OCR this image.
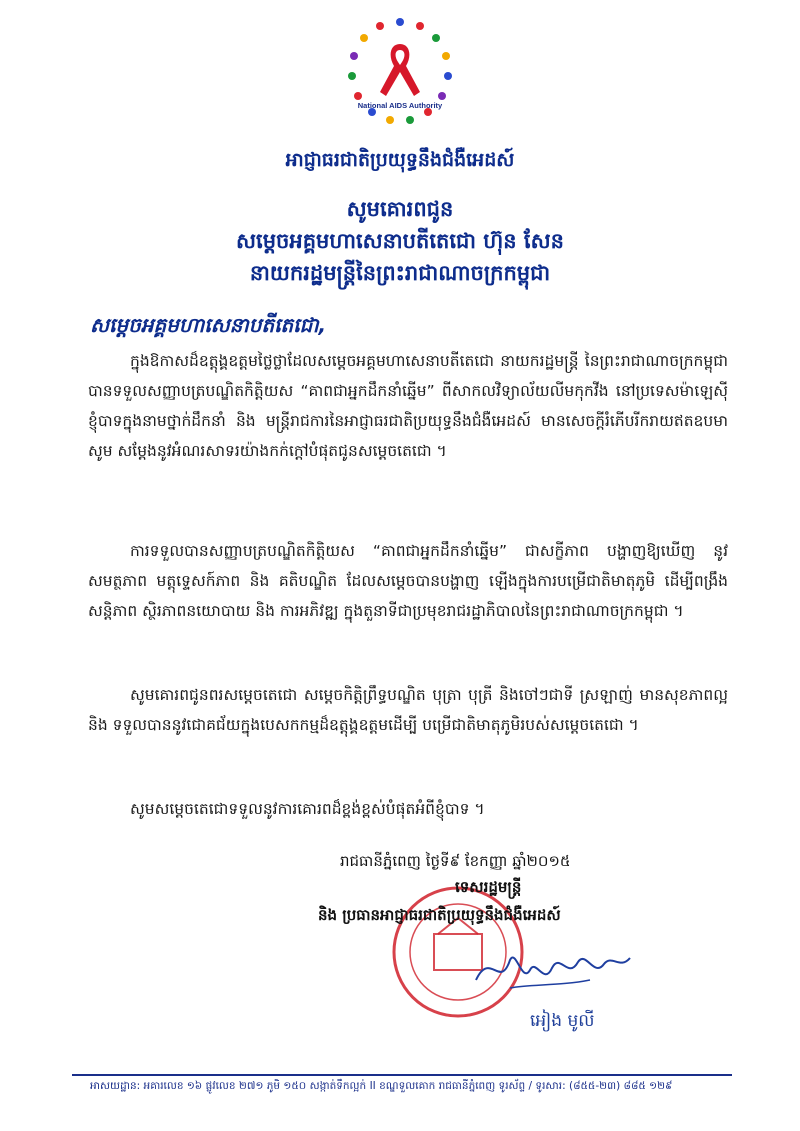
National AIDS Authority
អាជ្ញាធរជាតិប្រយុទ្ធនឹងជំងឺអេដស៍
សូមគោរពជូន
សម្តេចអគ្គមហាសេនាបតីតេជោ ហ៊ុន សែន
នាយករដ្ឋមន្ត្រីនៃព្រះរាជាណាចក្រកម្ពុជា
សម្តេចអគ្គមហាសេនាបតីតេជោ,
ក្នុងឱកាសដ៏ឧត្តុង្គឧត្តមថ្លៃថ្លាដែលសម្តេចអគ្គមហាសេនាបតីតេជោ នាយករដ្ឋមន្ត្រី នៃព្រះរាជាណាចក្រកម្ពុជា បានទទួលសញ្ញាបត្របណ្ឌិតកិត្តិយស “គាពជាអ្នកដឹកនាំឆ្នើម” ពីសាកលវិទ្យាល័យលីមកុកវីង នៅប្រទេសម៉ាឡេស៊ី ខ្ញុំបាទក្នុងនាមថ្នាក់ដឹកនាំ និង មន្ត្រីរាជការនៃអាជ្ញាធរជាតិប្រយុទ្ធនឹងជំងឺអេដស៍ មានសេចក្តីរំភើបរីករាយឥតឧបមា សូម សម្តែងនូវអំណរសាទរយ៉ាងកក់ក្តៅបំផុតជូនសម្តេចតេជោ ។
ការទទួលបានសញ្ញាបត្របណ្ឌិតកិត្តិយស “គាពជាអ្នកដឹកនាំឆ្នើម” ជាសក្ខីភាព បង្ហាញឱ្យឃើញ នូវសមត្ថភាព មត្តុទ្ទេសក៍ភាព និង គតិបណ្ឌិត ដែលសម្តេចបានបង្ហាញ ឡើងក្នុងការបម្រើជាតិមាតុភូមិ ដើម្បីពង្រឹងសន្តិភាព ស្ថិរភាពនយោបាយ និង ការអភិវឌ្ឍ ក្នុងតួនាទីជាប្រមុខរាជរដ្ឋាភិបាលនៃព្រះរាជាណាចក្រកម្ពុជា ។
សូមគោរពជូនពរសម្តេចតេជោ សម្តេចកិត្តិព្រឹទ្ធបណ្ឌិត បុត្រា បុត្រី និងចៅៗជាទី ស្រឡាញ់ មានសុខភាពល្អ និង ទទួលបាននូវជោគជ័យក្នុងបេសកកម្មដ៏ឧត្តុង្គឧត្តមដើម្បី បម្រើជាតិមាតុភូមិរបស់សម្តេចតេជោ ។
សូមសម្តេចតេជោទទួលនូវការគោរពដ៏ខ្ពង់ខ្ពស់បំផុតអំពីខ្ញុំបាទ ។
រាជធានីភ្នំពេញ ថ្ងៃទី៩ ខែកញ្ញា ឆ្នាំ២០១៥
ទេសរដ្ឋមន្ត្រី
និង ប្រធានអាជ្ញាធរជាតិប្រយុទ្ធនឹងជំងឺអេដស៍
អៀង មូលី
អាសយដ្ឋាន: អគារលេខ ១៦ ផ្លូវលេខ ២៧១ ភូមិ ១៥០ សង្កាត់ទឹកល្អក់ II ខណ្ឌទួលគោក រាជធានីភ្នំពេញ ទូរស័ព្ទ / ទូរសារ: (៨៥៥-២៣) ៨៨៥ ១២៩
